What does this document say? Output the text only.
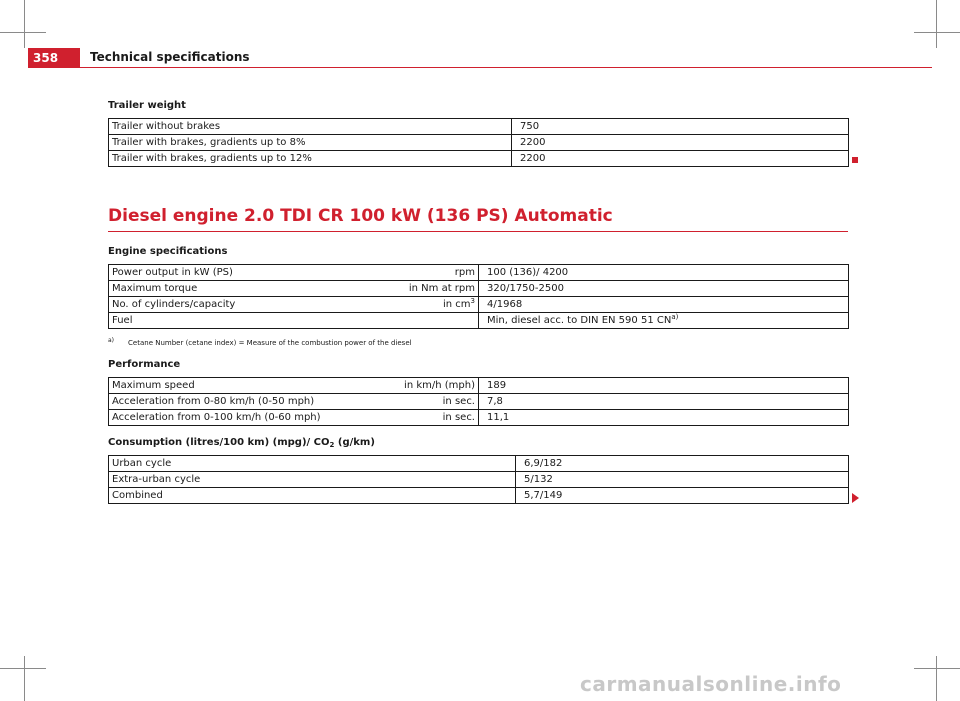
358	Technical specifications
Trailer weight
Trailer without brakes	750
Trailer with brakes, gradients up to 8%	2200
Trailer with brakes, gradients up to 12%	2200
Diesel engine 2.0 TDI CR 100 kW (136 PS) Automatic
Engine specifications
Power output in kW (PS) rpm	100 (136)/ 4200
Maximum torque in Nm at rpm	320/1750-2500
No. of cylinders/capacity in $cm^3$	4/1968
Fuel	Min, diesel acc. to DIN EN 590 51 CN$^{a)}$
a) Cetane Number (cetane index) = Measure of the combustion power of the diesel
Performance
Maximum speed in km/h (mph)	189
Acceleration from 0-80 km/h (0-50 mph) in sec.	7,8
Acceleration from 0-100 km/h (0-60 mph) in sec.	11,1
Consumption (litres/100 km) (mpg)/ $CO_2$ (g/km)
Urban cycle	6,9/182
Extra-urban cycle	5/132
Combined	5,7/149
carmanualsonline.info
